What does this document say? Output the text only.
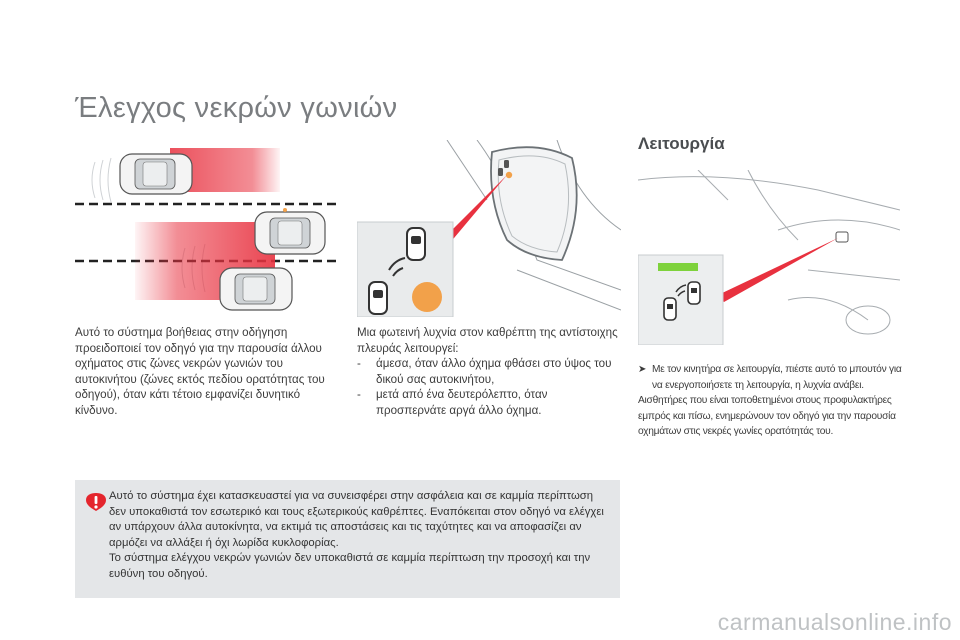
Έλεγχος νεκρών γωνιών
Λειτουργία

Αυτό το σύστημα βοήθειας στην οδήγηση προειδοποιεί τον οδηγό για την παρουσία άλλου οχήματος στις ζώνες νεκρών γωνιών του αυτοκινήτου (ζώνες εκτός πεδίου ορατότητας του οδηγού), όταν κάτι τέτοιο εμφανίζει δυνητικό κίνδυνο.

Μια φωτεινή λυχνία στον καθρέπτη της αντίστοιχης πλευράς λειτουργεί:

- άμεσα, όταν άλλο όχημα φθάσει στο ύψος του δικού σας αυτοκινήτου,
- μετά από ένα δευτερόλεπτο, όταν προσπερνάτε αργά άλλο όχημα.

➤ Με τον κινητήρα σε λειτουργία, πιέστε αυτό το μπουτόν για να ενεργοποιήσετε τη λειτουργία, η λυχνία ανάβει.

Αισθητήρες που είναι τοποθετημένοι στους προφυλακτήρες εμπρός και πίσω, ενημερώνουν τον οδηγό για την παρουσία οχημάτων στις νεκρές γωνίες ορατότητάς του.

Αυτό το σύστημα έχει κατασκευαστεί για να συνεισφέρει στην ασφάλεια και σε καμμία περίπτωση δεν υποκαθιστά τον εσωτερικό και τους εξωτερικούς καθρέπτες. Εναπόκειται στον οδηγό να ελέγχει αν υπάρχουν άλλα αυτοκίνητα, να εκτιμά τις αποστάσεις και τις ταχύτητες και να αποφασίζει αν αρμόζει να αλλάξει ή όχι λωρίδα κυκλοφορίας.

Το σύστημα ελέγχου νεκρών γωνιών δεν υποκαθιστά σε καμμία περίπτωση την προσοχή και την ευθύνη του οδηγού.

carmanualsonline.info
